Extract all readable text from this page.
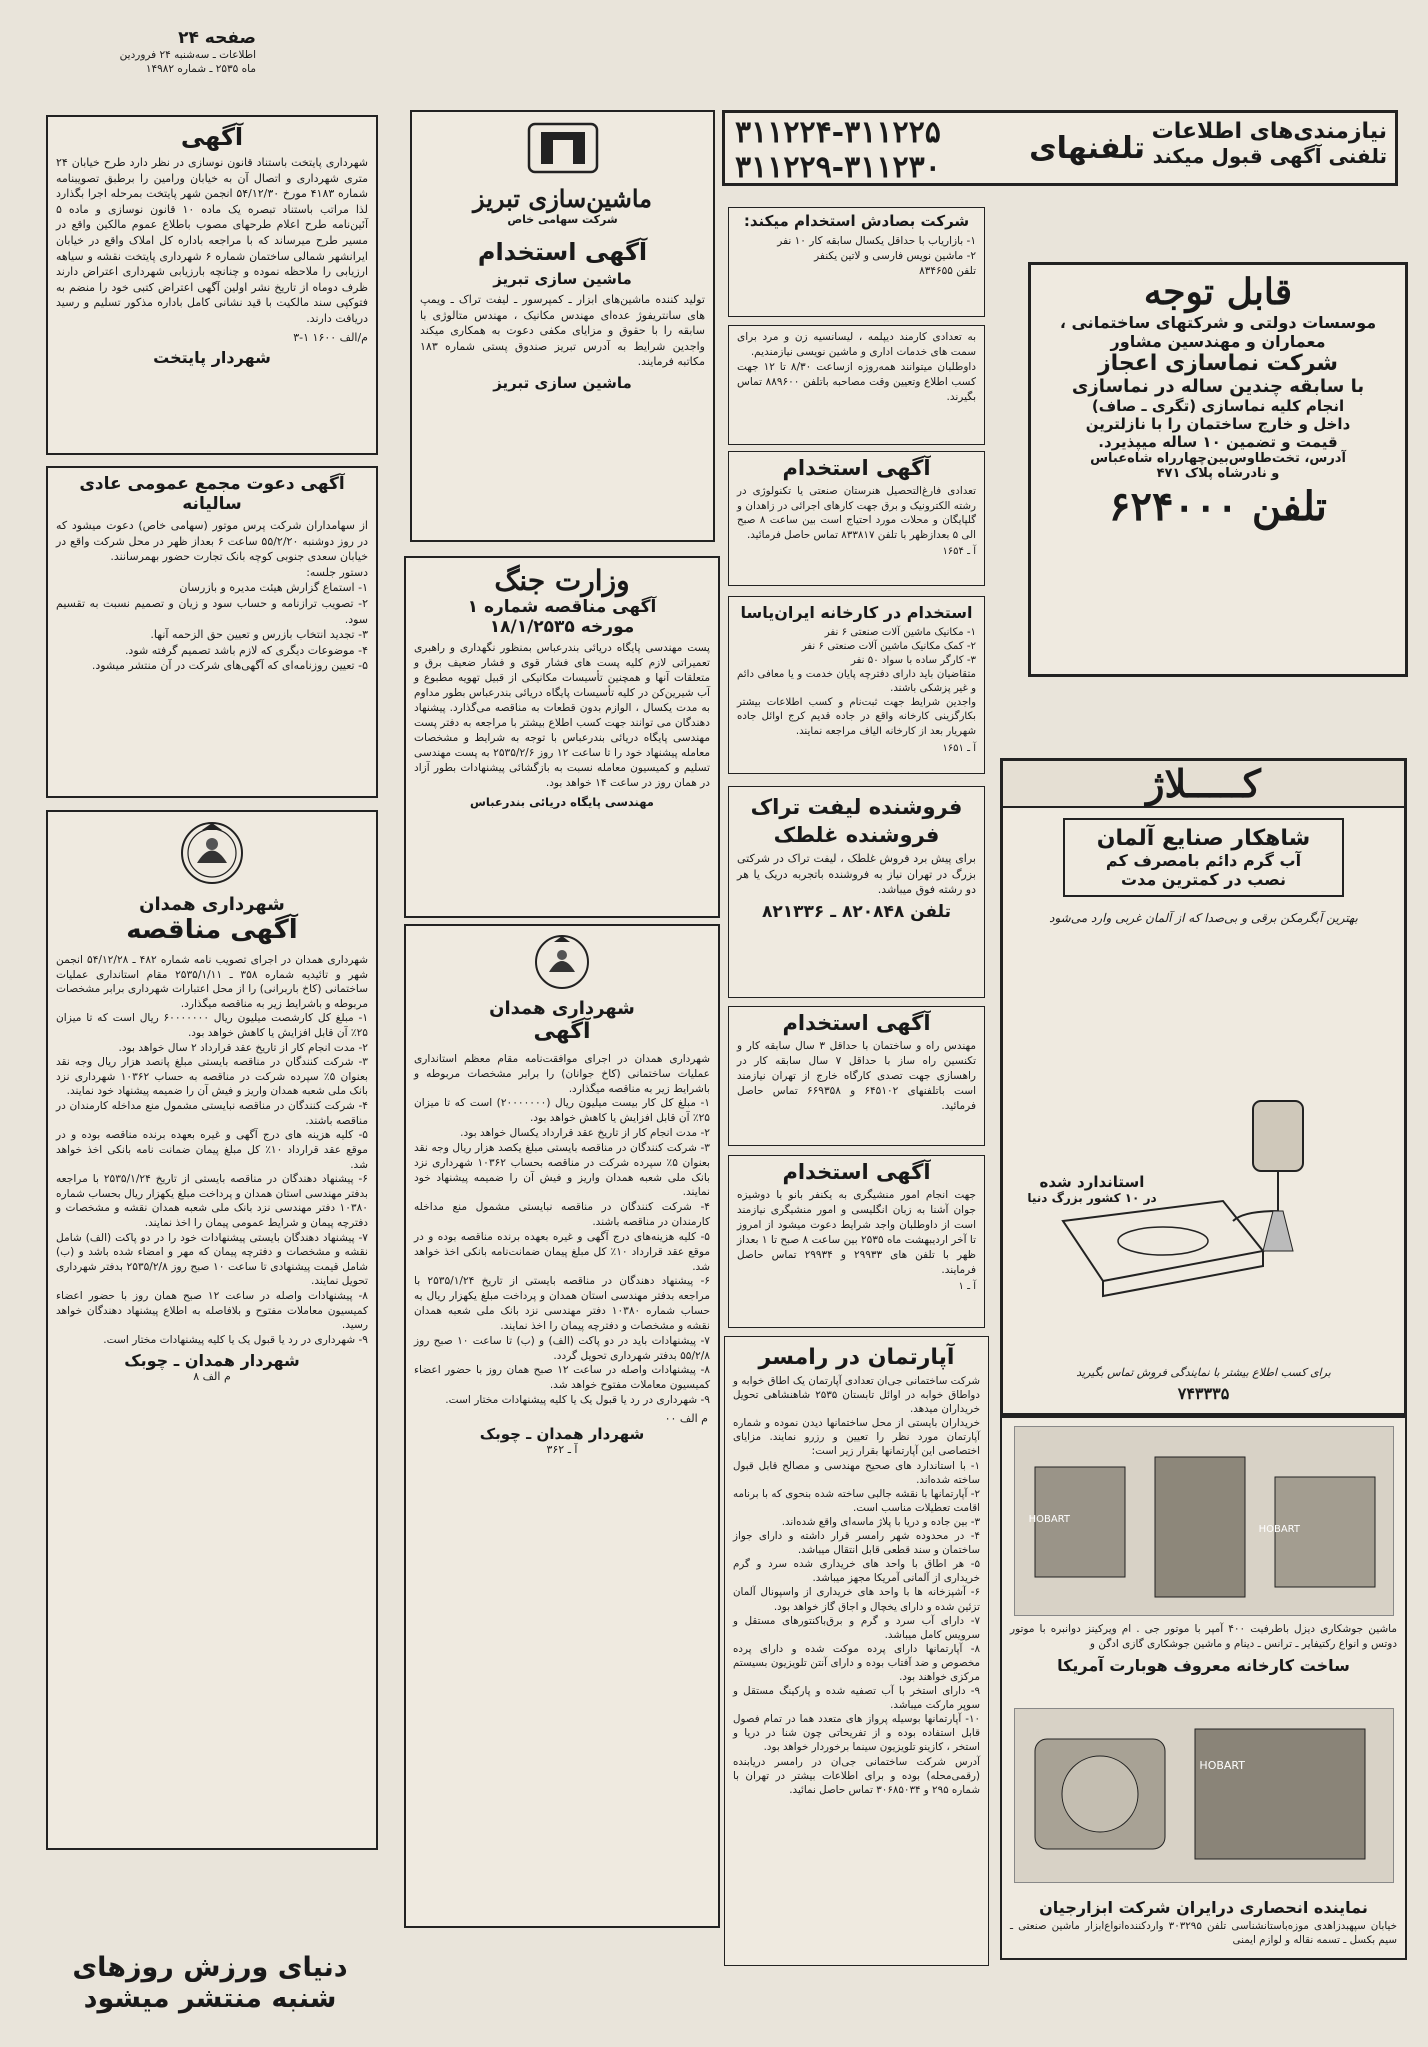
صفحه ۲۴
اطلاعات ـ سه‌شنبه ۲۴ فروردین
ماه ۲۵۳۵ ـ شماره ۱۴۹۸۲
نیازمندی‌های اطلاعات
تلفنی آگهی قبول میکند
تلفنهای
۳۱۱۲۲۴-۳۱۱۲۲۵
۳۱۱۲۲۹-۳۱۱۲۳۰
آگهی
شهرداری پایتخت باستناد قانون نوسازی در نظر دارد طرح خیابان ۲۴ متری شهرداری و اتصال آن به خیابان ورامین را برطبق تصویبنامه شماره ۴۱۸۳ مورخ ۵۴/۱۲/۳۰ انجمن شهر پایتخت بمرحله اجرا بگذارد لذا مراتب باستناد تبصره یک ماده ۱۰ قانون نوسازی و ماده ۵ آئین‌نامه طرح اعلام طرحهای مصوب باطلاع عموم مالکین واقع در مسیر طرح میرساند که با مراجعه باداره کل املاک واقع در خیابان ایرانشهر شمالی ساختمان شماره ۶ شهرداری پایتخت نقشه و سیاهه ارزیابی را ملاحظه نموده و چنانچه بارزیابی شهرداری اعتراض دارند ظرف دوماه از تاریخ نشر اولین آگهی اعتراض کتبی خود را منضم به فتوکپی سند مالکیت با قید نشانی کامل باداره مذکور تسلیم و رسید دریافت دارند.
م/الف ۱۶۰۰ ۱-۳
شهردار پایتخت
آگهی دعوت مجمع عمومی عادی سالیانه
از سهامداران شرکت پرس موتور (سهامی خاص) دعوت میشود که در روز دوشنبه ۵۵/۲/۲۰ ساعت ۶ بعداز ظهر در محل شرکت واقع در خیابان سعدی جنوبی کوچه بانک تجارت حضور بهمرسانند.
دستور جلسه:
۱- استماع گزارش هیئت مدیره و بازرسان
۲- تصویب ترازنامه و حساب سود و زیان و تصمیم نسبت به تقسیم سود.
۳- تجدید انتخاب بازرس و تعیین حق الزحمه آنها.
۴- موضوعات دیگری که لازم باشد تصمیم گرفته شود.
۵- تعیین روزنامه‌ای که آگهی‌های شرکت در آن منتشر میشود.
شهرداری همدان
آگهی مناقصه
شهرداری همدان در اجرای تصویب نامه شماره ۴۸۲ ـ ۵۴/۱۲/۲۸ انجمن شهر و تائیدیه شماره ۳۵۸ ـ ۲۵۳۵/۱/۱۱ مقام استانداری عملیات ساختمانی (کاخ باربرانی) را از محل اعتبارات شهرداری برابر مشخصات مربوطه و باشرایط زیر به مناقصه میگذارد.
۱- مبلغ کل کارشصت میلیون ریال ۶۰۰۰۰۰۰۰ ریال است که تا میزان ۲۵٪ آن قابل افزایش یا کاهش خواهد بود.
۲- مدت انجام کار از تاریخ عقد قرارداد ۲ سال خواهد بود.
۳- شرکت کنندگان در مناقصه بایستی مبلغ پانصد هزار ریال وجه نقد بعنوان ۵٪ سپرده شرکت در مناقصه به حساب ۱۰۳۶۲ شهرداری نزد بانک ملی شعبه همدان واریز و فیش آن را ضمیمه پیشنهاد خود نمایند.
۴- شرکت کنندگان در مناقصه نبایستی مشمول منع مداخله کارمندان در مناقصه باشند.
۵- کلیه هزینه های درج آگهی و غیره بعهده برنده مناقصه بوده و در موقع عقد قرارداد ۱۰٪ کل مبلغ پیمان ضمانت نامه بانکی اخذ خواهد شد.
۶- پیشنهاد دهندگان در مناقصه بایستی از تاریخ ۲۵۳۵/۱/۲۴ با مراجعه بدفتر مهندسی استان همدان و پرداخت مبلغ یکهزار ریال بحساب شماره ۱۰۳۸۰ دفتر مهندسی نزد بانک ملی شعبه همدان نقشه و مشخصات و دفترچه پیمان و شرایط عمومی پیمان را اخذ نمایند.
۷- پیشنهاد دهندگان بایستی پیشنهادات خود را در دو پاکت (الف) شامل نقشه و مشخصات و دفترچه پیمان که مهر و امضاء شده باشد و (ب) شامل قیمت پیشنهادی تا ساعت ۱۰ صبح روز ۲۵۳۵/۲/۸ بدفتر شهرداری تحویل نمایند.
۸- پیشنهادات واصله در ساعت ۱۲ صبح همان روز با حضور اعضاء کمیسیون معاملات مفتوح و بلافاصله به اطلاع پیشنهاد دهندگان خواهد رسید.
۹- شهرداری در رد یا قبول یک یا کلیه پیشنهادات مختار است.
شهردار همدان ـ چوبک
م الف ۸
دنیای ورزش روزهای
شنبه منتشر میشود
ماشین‌سازی تبریز
شرکت سهامی خاص
آگهی استخدام
ماشین سازی تبریز
تولید کننده ماشین‌های ابزار ـ کمپرسور ـ لیفت تراک ـ ویمپ های سانتریفوژ عده‌ای مهندس مکانیک ، مهندس متالوژی با سابقه را با حقوق و مزایای مکفی دعوت به همکاری میکند واجدین شرایط به آدرس تبریز صندوق پستی شماره ۱۸۳ مکاتبه فرمایند.
ماشین سازی تبریز
وزارت جنگ
آگهی مناقصه شماره ۱
مورخه ۱۸/۱/۲۵۳۵
پست مهندسی پایگاه دریائی بندرعباس بمنظور نگهداری و راهبری تعمیراتی لازم کلیه پست های فشار قوی و فشار ضعیف برق و متعلقات آنها و همچنین تأسیسات مکانیکی از قبیل تهویه مطبوع و آب شیرین‌کن در کلیه تأسیسات پایگاه دریائی بندرعباس بطور مداوم به مدت یکسال ، الوازم بدون قطعات به مناقصه می‌گذارد. پیشنهاد دهندگان می توانند جهت کسب اطلاع بیشتر با مراجعه به دفتر پست مهندسی پایگاه دریائی بندرعباس با توجه به شرایط و مشخصات معامله پیشنهاد خود را تا ساعت ۱۲ روز ۲۵۳۵/۲/۶ به پست مهندسی تسلیم و کمیسیون معامله نسبت به بازگشائی پیشنهادات بطور آزاد در همان روز در ساعت ۱۴ خواهد بود.
مهندسی پایگاه دریائی بندرعباس
شهرداری همدان
آگهی
شهرداری همدان در اجرای موافقت‌نامه مقام معظم استانداری عملیات ساختمانی (کاخ جوانان) را برابر مشخصات مربوطه و باشرایط زیر به مناقصه میگذارد.
۱- مبلغ کل کار بیست میلیون ریال (۲۰۰۰۰۰۰۰) است که تا میزان ۲۵٪ آن قابل افزایش یا کاهش خواهد بود.
۲- مدت انجام کار از تاریخ عقد قرارداد یکسال خواهد بود.
۳- شرکت کنندگان در مناقصه بایستی مبلغ یکصد هزار ریال وجه نقد بعنوان ۵٪ سپرده شرکت در مناقصه بحساب ۱۰۳۶۲ شهرداری نزد بانک ملی شعبه همدان واریز و فیش آن را ضمیمه پیشنهاد خود نمایند.
۴- شرکت کنندگان در مناقصه نبایستی مشمول منع مداخله کارمندان در مناقصه باشند.
۵- کلیه هزینه‌های درج آگهی و غیره بعهده برنده مناقصه بوده و در موقع عقد قرارداد ۱۰٪ کل مبلغ پیمان ضمانت‌نامه بانکی اخذ خواهد شد.
۶- پیشنهاد دهندگان در مناقصه بایستی از تاریخ ۲۵۳۵/۱/۲۴ با مراجعه بدفتر مهندسی استان همدان و پرداخت مبلغ یکهزار ریال به حساب شماره ۱۰۳۸۰ دفتر مهندسی نزد بانک ملی شعبه همدان نقشه و مشخصات و دفترچه پیمان را اخذ نمایند.
۷- پیشنهادات باید در دو پاکت (الف) و (ب) تا ساعت ۱۰ صبح روز ۵۵/۲/۸ بدفتر شهرداری تحویل گردد.
۸- پیشنهادات واصله در ساعت ۱۲ صبح همان روز با حضور اعضاء کمیسیون معاملات مفتوح خواهد شد.
۹- شهرداری در رد یا قبول یک یا کلیه پیشنهادات مختار است.
م الف ۰۰
شهردار همدان ـ چوبک
آ ـ ۳۶۲
شرکت بصادش استخدام میکند:
۱- بازاریاب با حداقل یکسال سابقه کار ۱۰ نفر
۲- ماشین نویس فارسی و لاتین یکنفر
تلفن ۸۳۴۶۵۵
به تعدادی کارمند دیپلمه ، لیسانسیه زن و مرد برای سمت های خدمات اداری و ماشین نویسی نیازمندیم.
داوطلبان میتوانند همه‌روزه ازساعت ۸/۳۰ تا ۱۲ جهت کسب اطلاع وتعیین وقت مصاحبه باتلفن ۸۸۹۶۰۰ تماس بگیرند.
آگهی استخدام
تعدادی فارغ‌التحصیل هنرستان صنعتی یا تکنولوژی در رشته الکترونیک و برق جهت کارهای اجرائی در زاهدان و گلپایگان و محلات مورد احتیاج است بین ساعت ۸ صبح الی ۵ بعدازظهر با تلفن ۸۳۳۸۱۷ تماس حاصل فرمائید.
آ ـ ۱۶۵۴
استخدام در کارخانه ایران‌یاسا
۱- مکانیک ماشین آلات صنعتی ۶ نفر
۲- کمک مکانیک ماشین آلات صنعتی ۶ نفر
۳- کارگر ساده با سواد ۵۰ نفر
متقاضیان باید دارای دفترچه پایان خدمت و یا معافی دائم و غیر پزشکی باشند.
واجدین شرایط جهت ثبت‌نام و کسب اطلاعات بیشتر بکارگزینی کارخانه واقع در جاده قدیم کرج اوائل جاده شهریار بعد از کارخانه الیاف مراجعه نمایند.
آ ـ ۱۶۵۱
فروشنده لیفت تراک
فروشنده غلطک
برای پیش برد فروش غلطک ، لیفت تراک در شرکتی بزرگ در تهران نیاز به فروشنده باتجربه دریک یا هر دو رشته فوق میباشد.
تلفن ۸۲۰۸۴۸ ـ ۸۲۱۳۳۶
آگهی استخدام
مهندس راه و ساختمان با حداقل ۳ سال سابقه کار و تکنسین راه ساز با حداقل ۷ سال سابقه کار در راهسازی جهت تصدی کارگاه خارج از تهران نیازمند است باتلفنهای ۶۴۵۱۰۲ و ۶۶۹۳۵۸ تماس حاصل فرمائید.
آگهی استخدام
جهت انجام امور منشیگری به یکنفر بانو با دوشیزه جوان آشنا به زبان انگلیسی و امور منشیگری نیازمند است از داوطلبان واجد شرایط دعوت میشود از امروز تا آخر اردیبهشت ماه ۲۵۳۵ بین ساعت ۸ صبح تا ۱ بعداز ظهر با تلفن های ۲۹۹۳۳ و ۲۹۹۳۴ تماس حاصل فرمایند.
آ ـ ۱
آپارتمان در رامسر
شرکت ساختمانی جی‌ان تعدادی آپارتمان یک اطاق خوابه و دواطاق خوابه در اوائل تابستان ۲۵۳۵ شاهنشاهی تحویل خریداران میدهد.
خریداران بایستی از محل ساختمانها دیدن نموده و شماره آپارتمان مورد نظر را تعیین و رزرو نمایند. مزایای اختصاصی این آپارتمانها بقرار زیر است:
۱- با استاندارد های صحیح مهندسی و مصالح قابل قبول ساخته شده‌اند.
۲- آپارتمانها با نقشه جالبی ساخته شده بنحوی که با برنامه اقامت تعطیلات مناسب است.
۳- بین جاده و دریا با پلاژ ماسه‌ای واقع شده‌اند.
۴- در محدوده شهر رامسر قرار داشته و دارای جواز ساختمان و سند قطعی قابل انتقال میباشد.
۵- هر اطاق با واحد های خریداری شده سرد و گرم خریداری از آلمانی آمریکا مجهز میباشد.
۶- آشپزخانه ها با واحد های خریداری از واسپونال آلمان تزئین شده و دارای یخچال و اجاق گاز خواهد بود.
۷- دارای آب سرد و گرم و برق‌باکنتورهای مستقل و سرویس کامل میباشد.
۸- آپارتمانها دارای پرده موکت شده و دارای پرده مخصوص و ضد آفتاب بوده و دارای آنتن تلویزیون بسیستم مرکزی خواهند بود.
۹- دارای استخر با آب تصفیه شده و پارکینگ مستقل و سوپر مارکت میباشد.
۱۰- آپارتمانها بوسیله پرواز های متعدد هما در تمام فصول قابل استفاده بوده و از تفریحاتی چون شنا در دریا و استخر ، کازینو تلویزیون سینما برخوردار خواهد بود.
آدرس شرکت ساختمانی جی‌ان در رامسر دریابنده (رقمی‌محله) بوده و برای اطلاعات بیشتر در تهران با شماره ۲۹۵ و ۳۰۶۸۵۰۳۴ تماس حاصل نمائید.
قابل توجه
موسسات دولتی و شرکتهای ساختمانی ،
معماران و مهندسین مشاور
شرکت نماسازی اعجاز
با سابقه چندین ساله در نماسازی
انجام کلیه نماسازی (تگری ـ صاف)
داخل و خارج ساختمان را با نازلترین
قیمت و تضمین ۱۰ ساله میپذیرد.
آدرس، تخت‌طاوس‌بین‌چهارراه شاه‌عباس
و نادرشاه پلاک ۴۷۱
تلفن ۶۲۴۰۰۰
کـــــلاژ
شاهکار صنایع آلمان
آب گرم دائم بامصرف کم
نصب در کمترین مدت
بهترین آبگرمکن برقی و بی‌صدا که از آلمان غربی وارد می‌شود
استاندارد شده
در ۱۰ کشور بزرگ دنیا
برای کسب اطلاع بیشتر با نمایندگی فروش تماس بگیرید
۷۴۳۳۳۵
HOBART
HOBART
ماشین جوشکاری دیزل باطرفیت ۴۰۰ آمپر با موتور جی . ام ویرکینز دوانبره با موتور دوتس و انواع رکتیفایر ـ ترانس ـ دینام و ماشین جوشکاری گازی ادگن و
ساخت کارخانه معروف هوبارت آمریکا
HOBART
نماینده انحصاری درایران شرکت ابزارجیان
خیابان سپهبدزاهدی موزه‌باستانشناسی تلفن ۳۰۳۲۹۵ واردکننده‌انواع‌ابزار ماشین صنعتی ـ سیم بکسل ـ تسمه نقاله و لوازم ایمنی
